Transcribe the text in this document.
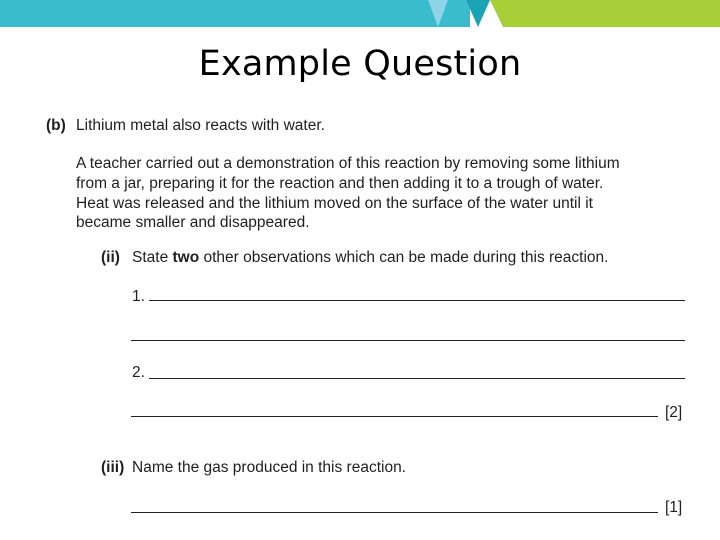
Example Question
(b) Lithium metal also reacts with water.
A teacher carried out a demonstration of this reaction by removing some lithium
from a jar, preparing it for the reaction and then adding it to a trough of water.
Heat was released and the lithium moved on the surface of the water until it
became smaller and disappeared.
(ii) State two other observations which can be made during this reaction.
1.
2.
[2]
(iii) Name the gas produced in this reaction.
[1]
